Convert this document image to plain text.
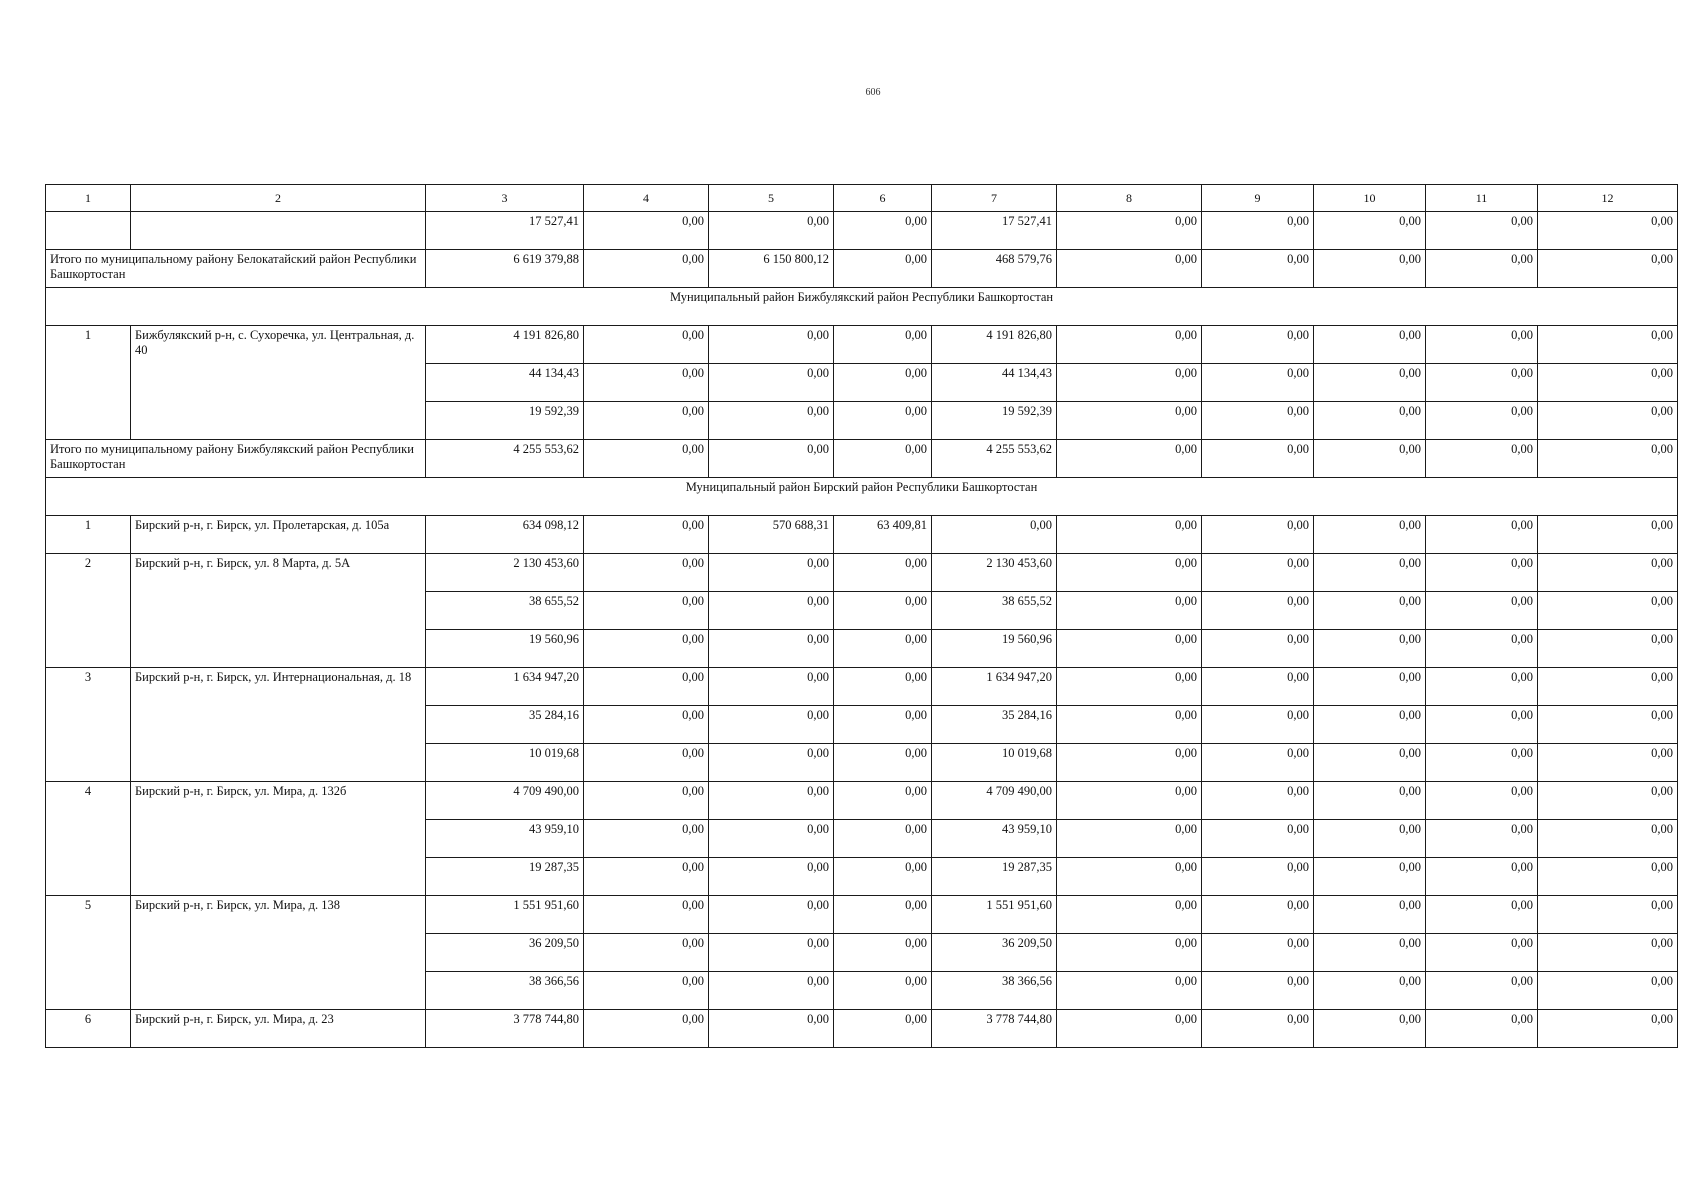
606
1	2	3	4	5	6	7	8	9	10	11	12
		17 527,41	0,00	0,00	0,00	17 527,41	0,00	0,00	0,00	0,00	0,00
Итого по муниципальному району Белокатайский район Республики Башкортостан		6 619 379,88	0,00	6 150 800,12	0,00	468 579,76	0,00	0,00	0,00	0,00	0,00
Муниципальный район Бижбулякский район Республики Башкортостан											
1	Бижбулякский р-н, с. Сухоречка, ул. Центральная, д. 40	4 191 826,80	0,00	0,00	0,00	4 191 826,80	0,00	0,00	0,00	0,00	0,00
		44 134,43	0,00	0,00	0,00	44 134,43	0,00	0,00	0,00	0,00	0,00
		19 592,39	0,00	0,00	0,00	19 592,39	0,00	0,00	0,00	0,00	0,00
Итого по муниципальному району Бижбулякский район Республики Башкортостан		4 255 553,62	0,00	0,00	0,00	4 255 553,62	0,00	0,00	0,00	0,00	0,00
Муниципальный район Бирский район Республики Башкортостан											
1	Бирский р-н, г. Бирск, ул. Пролетарская, д. 105а	634 098,12	0,00	570 688,31	63 409,81	0,00	0,00	0,00	0,00	0,00	0,00
2	Бирский р-н, г. Бирск, ул. 8 Марта, д. 5А	2 130 453,60	0,00	0,00	0,00	2 130 453,60	0,00	0,00	0,00	0,00	0,00
		38 655,52	0,00	0,00	0,00	38 655,52	0,00	0,00	0,00	0,00	0,00
		19 560,96	0,00	0,00	0,00	19 560,96	0,00	0,00	0,00	0,00	0,00
3	Бирский р-н, г. Бирск, ул. Интернациональная, д. 18	1 634 947,20	0,00	0,00	0,00	1 634 947,20	0,00	0,00	0,00	0,00	0,00
		35 284,16	0,00	0,00	0,00	35 284,16	0,00	0,00	0,00	0,00	0,00
		10 019,68	0,00	0,00	0,00	10 019,68	0,00	0,00	0,00	0,00	0,00
4	Бирский р-н, г. Бирск, ул. Мира, д. 132б	4 709 490,00	0,00	0,00	0,00	4 709 490,00	0,00	0,00	0,00	0,00	0,00
		43 959,10	0,00	0,00	0,00	43 959,10	0,00	0,00	0,00	0,00	0,00
		19 287,35	0,00	0,00	0,00	19 287,35	0,00	0,00	0,00	0,00	0,00
5	Бирский р-н, г. Бирск, ул. Мира, д. 138	1 551 951,60	0,00	0,00	0,00	1 551 951,60	0,00	0,00	0,00	0,00	0,00
		36 209,50	0,00	0,00	0,00	36 209,50	0,00	0,00	0,00	0,00	0,00
		38 366,56	0,00	0,00	0,00	38 366,56	0,00	0,00	0,00	0,00	0,00
6	Бирский р-н, г. Бирск, ул. Мира, д. 23	3 778 744,80	0,00	0,00	0,00	3 778 744,80	0,00	0,00	0,00	0,00	0,00
